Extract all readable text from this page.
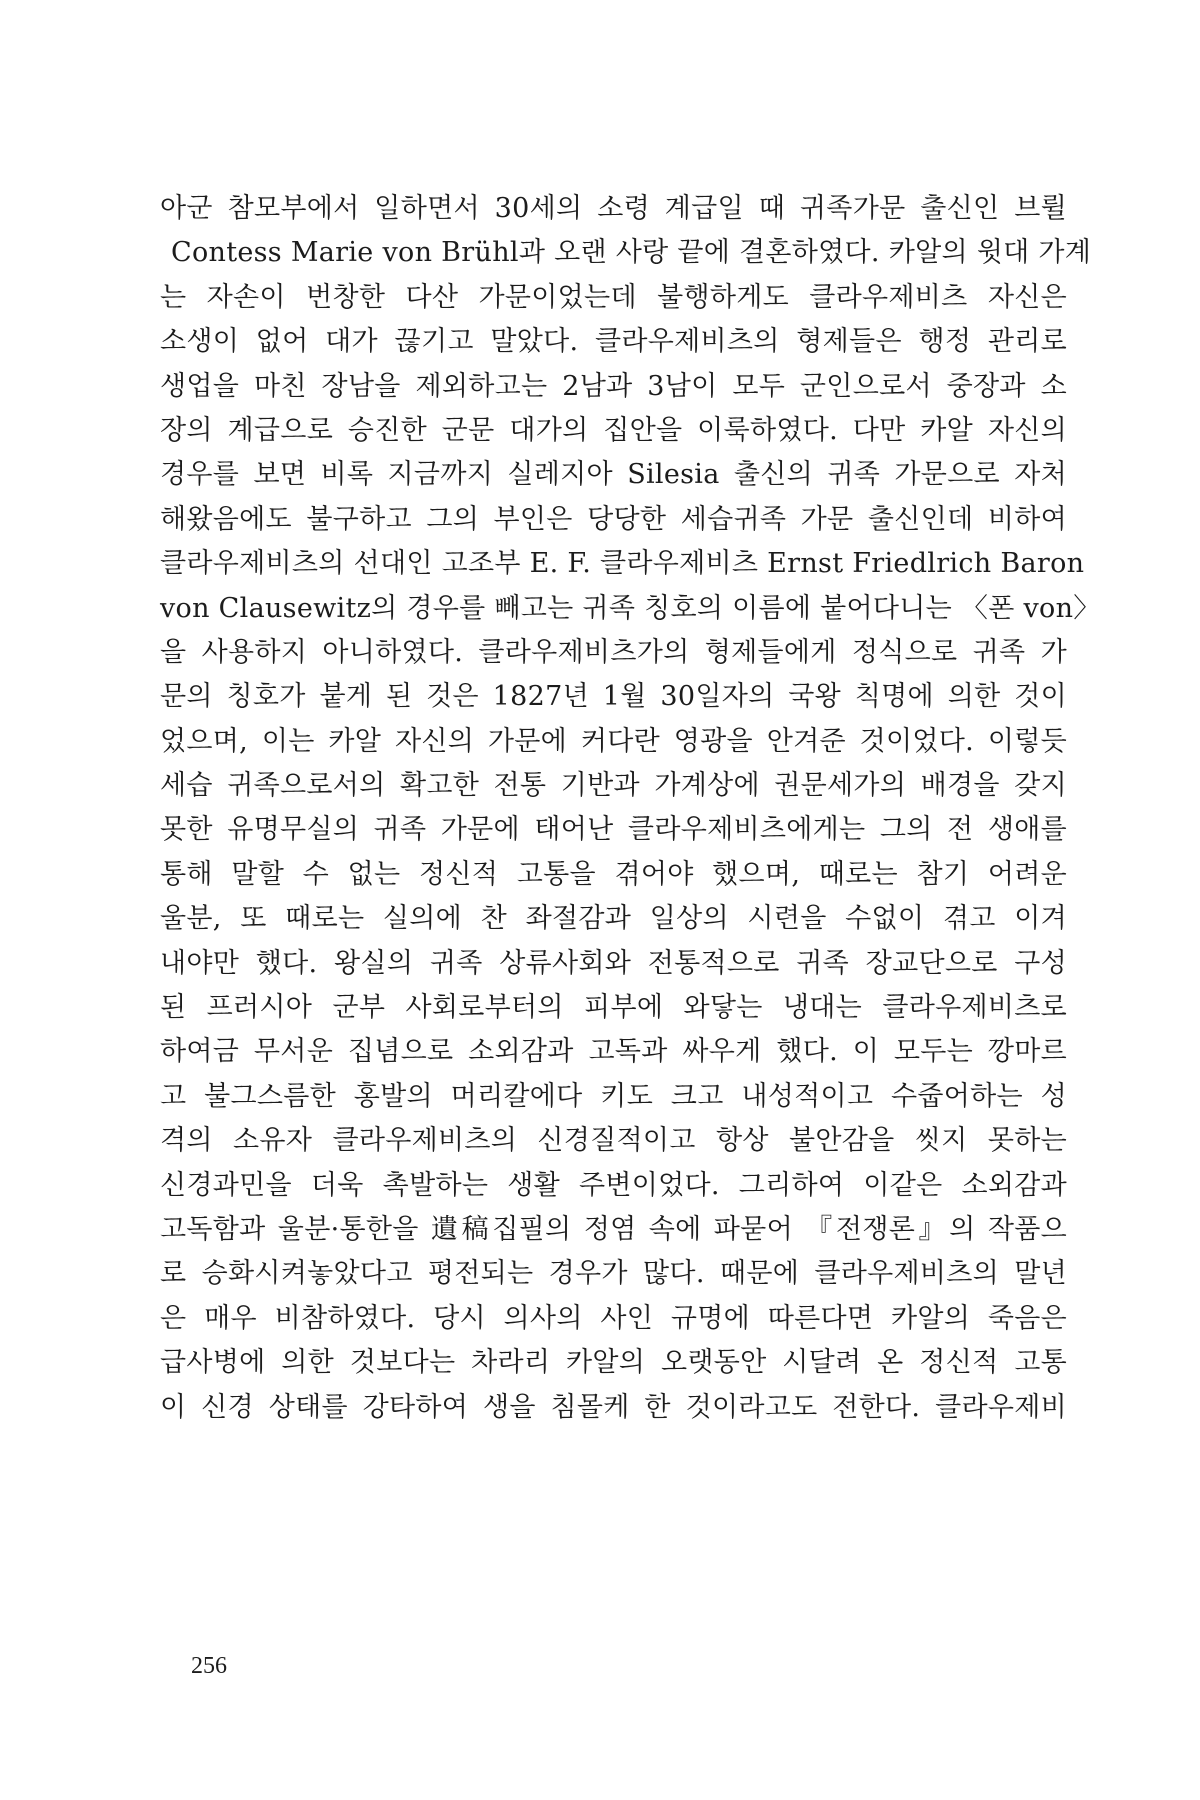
아군 참모부에서 일하면서 30세의 소령 계급일 때 귀족가문 출신인 브륄
Contess Marie von Brühl과 오랜 사랑 끝에 결혼하였다. 카알의 윗대 가계
는 자손이 번창한 다산 가문이었는데 불행하게도 클라우제비츠 자신은
소생이 없어 대가 끊기고 말았다. 클라우제비츠의 형제들은 행정 관리로
생업을 마친 장남을 제외하고는 2남과 3남이 모두 군인으로서 중장과 소
장의 계급으로 승진한 군문 대가의 집안을 이룩하였다. 다만 카알 자신의
경우를 보면 비록 지금까지 실레지아 Silesia 출신의 귀족 가문으로 자처
해왔음에도 불구하고 그의 부인은 당당한 세습귀족 가문 출신인데 비하여
클라우제비츠의 선대인 고조부 E. F. 클라우제비츠 Ernst Friedlrich Baron
von Clausewitz의 경우를 빼고는 귀족 칭호의 이름에 붙어다니는 〈폰 von〉
을 사용하지 아니하였다. 클라우제비츠가의 형제들에게 정식으로 귀족 가
문의 칭호가 붙게 된 것은 1827년 1월 30일자의 국왕 칙명에 의한 것이
었으며, 이는 카알 자신의 가문에 커다란 영광을 안겨준 것이었다. 이렇듯
세습 귀족으로서의 확고한 전통 기반과 가계상에 권문세가의 배경을 갖지
못한 유명무실의 귀족 가문에 태어난 클라우제비츠에게는 그의 전 생애를
통해 말할 수 없는 정신적 고통을 겪어야 했으며, 때로는 참기 어려운
울분, 또 때로는 실의에 찬 좌절감과 일상의 시련을 수없이 겪고 이겨
내야만 했다. 왕실의 귀족 상류사회와 전통적으로 귀족 장교단으로 구성
된 프러시아 군부 사회로부터의 피부에 와닿는 냉대는 클라우제비츠로
하여금 무서운 집념으로 소외감과 고독과 싸우게 했다. 이 모두는 깡마르
고 불그스름한 홍발의 머리칼에다 키도 크고 내성적이고 수줍어하는 성
격의 소유자 클라우제비츠의 신경질적이고 항상 불안감을 씻지 못하는
신경과민을 더욱 촉발하는 생활 주변이었다. 그리하여 이같은 소외감과
고독함과 울분·통한을 遺稿집필의 정염 속에 파묻어 『전쟁론』의 작품으
로 승화시켜놓았다고 평전되는 경우가 많다. 때문에 클라우제비츠의 말년
은 매우 비참하였다. 당시 의사의 사인 규명에 따른다면 카알의 죽음은
급사병에 의한 것보다는 차라리 카알의 오랫동안 시달려 온 정신적 고통
이 신경 상태를 강타하여 생을 침몰케 한 것이라고도 전한다. 클라우제비
256
